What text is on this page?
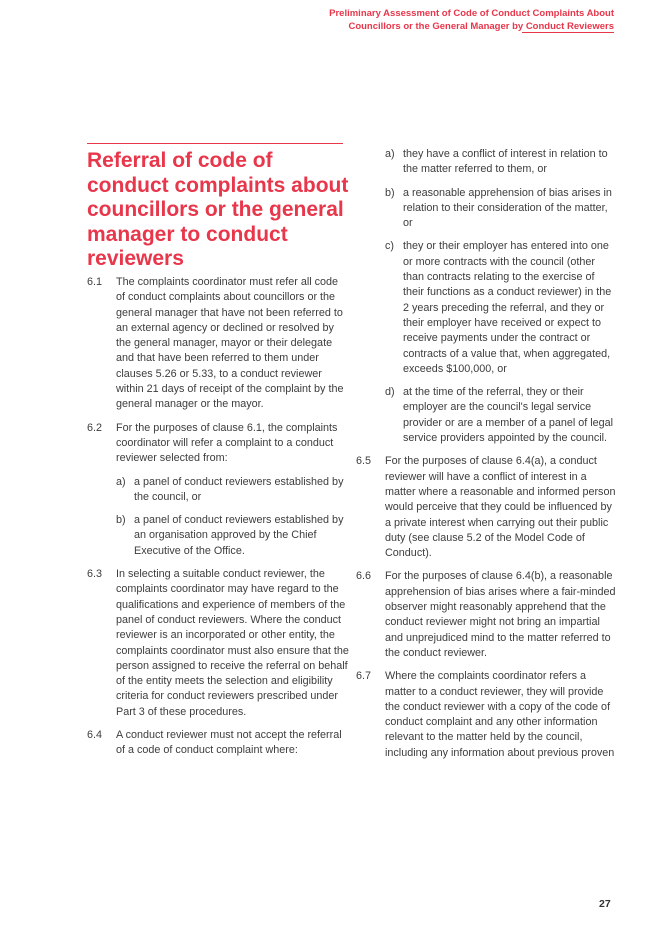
Preliminary Assessment of Code of Conduct Complaints About
Councillors or the General Manager by Conduct Reviewers
Referral of code of conduct complaints about councillors or the general manager to conduct reviewers
6.1	The complaints coordinator must refer all code of conduct complaints about councillors or the general manager that have not been referred to an external agency or declined or resolved by the general manager, mayor or their delegate and that have been referred to them under clauses 5.26 or 5.33, to a conduct reviewer within 21 days of receipt of the complaint by the general manager or the mayor.

6.2	For the purposes of clause 6.1, the complaints coordinator will refer a complaint to a conduct reviewer selected from:

a) a panel of conduct reviewers established by the council, or
b) a panel of conduct reviewers established by an organisation approved by the Chief Executive of the Office.
6.3	In selecting a suitable conduct reviewer, the complaints coordinator may have regard to the qualifications and experience of members of the panel of conduct reviewers. Where the conduct reviewer is an incorporated or other entity, the complaints coordinator must also ensure that the person assigned to receive the referral on behalf of the entity meets the selection and eligibility criteria for conduct reviewers prescribed under Part 3 of these procedures.

6.4	A conduct reviewer must not accept the referral of a code of conduct complaint where:

a) they have a conflict of interest in relation to the matter referred to them, or
b) a reasonable apprehension of bias arises in relation to their consideration of the matter, or
c) they or their employer has entered into one or more contracts with the council (other than contracts relating to the exercise of their functions as a conduct reviewer) in the 2 years preceding the referral, and they or their employer have received or expect to receive payments under the contract or contracts of a value that, when aggregated, exceeds $100,000, or
d) at the time of the referral, they or their employer are the council's legal service provider or are a member of a panel of legal service providers appointed by the council.
6.5	For the purposes of clause 6.4(a), a conduct reviewer will have a conflict of interest in a matter where a reasonable and informed person would perceive that they could be influenced by a private interest when carrying out their public duty (see clause 5.2 of the Model Code of Conduct).

6.6	For the purposes of clause 6.4(b), a reasonable apprehension of bias arises where a fair-minded observer might reasonably apprehend that the conduct reviewer might not bring an impartial and unprejudiced mind to the matter referred to the conduct reviewer.

6.7	Where the complaints coordinator refers a matter to a conduct reviewer, they will provide the conduct reviewer with a copy of the code of conduct complaint and any other information relevant to the matter held by the council, including any information about previous proven

27
